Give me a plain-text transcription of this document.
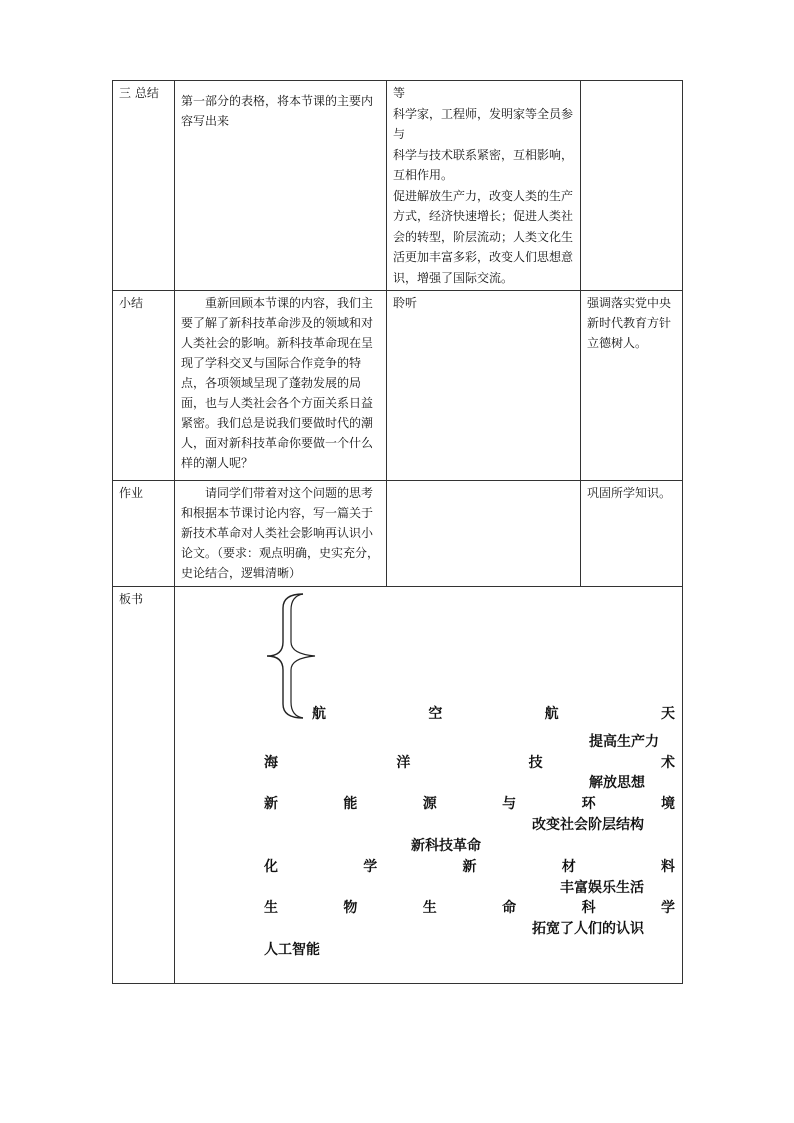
三 总结	第一部分的表格，将本节课的主要内容写出来	等
科学家，工程师，发明家等全员参与
科学与技术联系紧密，互相影响，互相作用。
促进解放生产力，改变人类的生产方式，经济快速增长；促进人类社会的转型，阶层流动；人类文化生活更加丰富多彩，改变人们思想意识，增强了国际交流。	

小结	重新回顾本节课的内容，我们主要了解了新科技革命涉及的领域和对人类社会的影响。新科技革命现在呈现了学科交叉与国际合作竞争的特点，各项领域呈现了蓬勃发展的局面，也与人类社会各个方面关系日益紧密。我们总是说我们要做时代的潮人，面对新科技革命你要做一个什么样的潮人呢？	聆听	强调落实党中央新时代教育方针立德树人。
作业	请同学们带着对这个问题的思考和根据本节课讨论内容，写一篇关于新技术革命对人类社会影响再认识小论文。（要求：观点明确，史实充分，史论结合，逻辑清晰）		巩固所学知识。

板书			

航	空	航	天
提高生产力
海	洋	技	术
解放思想
新	能	源	与	环	境
改变社会阶层结构
新科技革命
化	学	新	材	料
丰富娱乐生活
生	物	生	命	科	学
拓宽了人们的认识
人工智能
